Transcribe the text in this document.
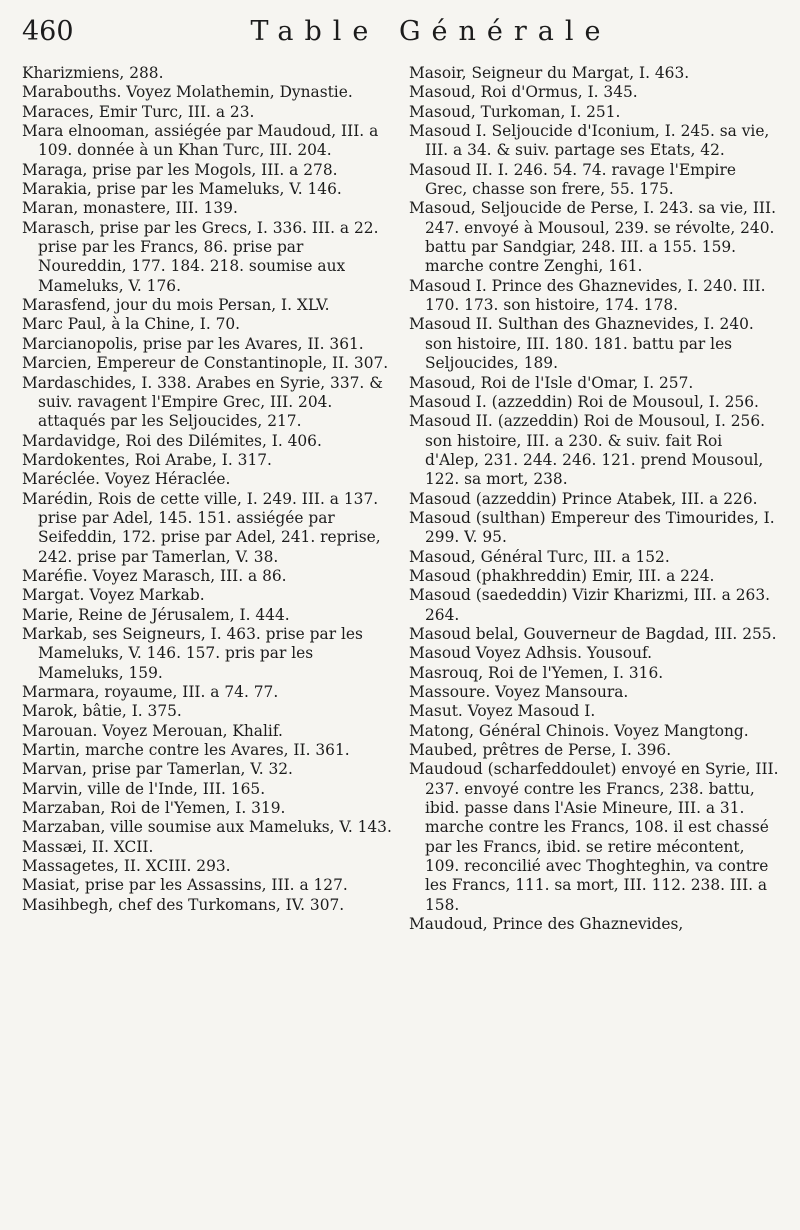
460	Table Générale

Kharizmiens, 288.

Marabouths. Voyez Molathemin, Dynastie.

Maraces, Emir Turc, III. a 23.

Mara elnooman, assiégée par Maudoud, III. a 109. donnée à un Khan Turc, III. 204.

Maraga, prise par les Mogols, III. a 278.

Marakia, prise par les Mameluks, V. 146.

Maran, monastere, III. 139.

Marasch, prise par les Grecs, I. 336. III. a 22. prise par les Francs, 86. prise par Noureddin, 177. 184. 218. soumise aux Mameluks, V. 176.

Marasfend, jour du mois Persan, I. XLV.

Marc Paul, à la Chine, I. 70.

Marcianopolis, prise par les Avares, II. 361.

Marcien, Empereur de Constantinople, II. 307.

Mardaschides, I. 338. Arabes en Syrie, 337. & suiv. ravagent l'Empire Grec, III. 204. attaqués par les Seljoucides, 217.

Mardavidge, Roi des Dilémites, I. 406.

Mardokentes, Roi Arabe, I. 317.

Maréclée. Voyez Héraclée.

Marédin, Rois de cette ville, I. 249. III. a 137. prise par Adel, 145. 151. assiégée par Seifeddin, 172. prise par Adel, 241. reprise, 242. prise par Tamerlan, V. 38.

Maréfie. Voyez Marasch, III. a 86.

Margat. Voyez Markab.

Marie, Reine de Jérusalem, I. 444.

Markab, ses Seigneurs, I. 463. prise par les Mameluks, V. 146. 157. pris par les Mameluks, 159.

Marmara, royaume, III. a 74. 77.

Marok, bâtie, I. 375.

Marouan. Voyez Merouan, Khalif.

Martin, marche contre les Avares, II. 361.

Marvan, prise par Tamerlan, V. 32.

Marvin, ville de l'Inde, III. 165.

Marzaban, Roi de l'Yemen, I. 319.

Marzaban, ville soumise aux Mameluks, V. 143.

Massæi, II. XCII.

Massagetes, II. XCIII. 293.

Masiat, prise par les Assassins, III. a 127.

Masihbegh, chef des Turkomans, IV. 307.

Masoir, Seigneur du Margat, I. 463.

Masoud, Roi d'Ormus, I. 345.

Masoud, Turkoman, I. 251.

Masoud I. Seljoucide d'Iconium, I. 245. sa vie, III. a 34. & suiv. partage ses Etats, 42.

Masoud II. I. 246. 54. 74. ravage l'Empire Grec, chasse son frere, 55. 175.

Masoud, Seljoucide de Perse, I. 243. sa vie, III. 247. envoyé à Mousoul, 239. se révolte, 240. battu par Sandgiar, 248. III. a 155. 159. marche contre Zenghi, 161.

Masoud I. Prince des Ghaznevides, I. 240. III. 170. 173. son histoire, 174. 178.

Masoud II. Sulthan des Ghaznevides, I. 240. son histoire, III. 180. 181. battu par les Seljoucides, 189.

Masoud, Roi de l'Isle d'Omar, I. 257.

Masoud I. (azzeddin) Roi de Mousoul, I. 256.

Masoud II. (azzeddin) Roi de Mousoul, I. 256. son histoire, III. a 230. & suiv. fait Roi d'Alep, 231. 244. 246. 121. prend Mousoul, 122. sa mort, 238.

Masoud (azzeddin) Prince Atabek, III. a 226.

Masoud (sulthan) Empereur des Timourides, I. 299. V. 95.

Masoud, Général Turc, III. a 152.

Masoud (phakhreddin) Emir, III. a 224.

Masoud (saededdin) Vizir Kharizmi, III. a 263. 264.

Masoud belal, Gouverneur de Bagdad, III. 255.

Masoud Voyez Adhsis. Yousouf.

Masrouq, Roi de l'Yemen, I. 316.

Massoure. Voyez Mansoura.

Masut. Voyez Masoud I.

Matong, Général Chinois. Voyez Mangtong.

Maubed, prêtres de Perse, I. 396.

Maudoud (scharfeddoulet) envoyé en Syrie, III. 237. envoyé contre les Francs, 238. battu, ibid. passe dans l'Asie Mineure, III. a 31. marche contre les Francs, 108. il est chassé par les Francs, ibid. se retire mécontent, 109. reconcilié avec Thoghteghin, va contre les Francs, 111. sa mort, III. 112. 238. III. a 158.

Maudoud, Prince des Ghaznevides,
